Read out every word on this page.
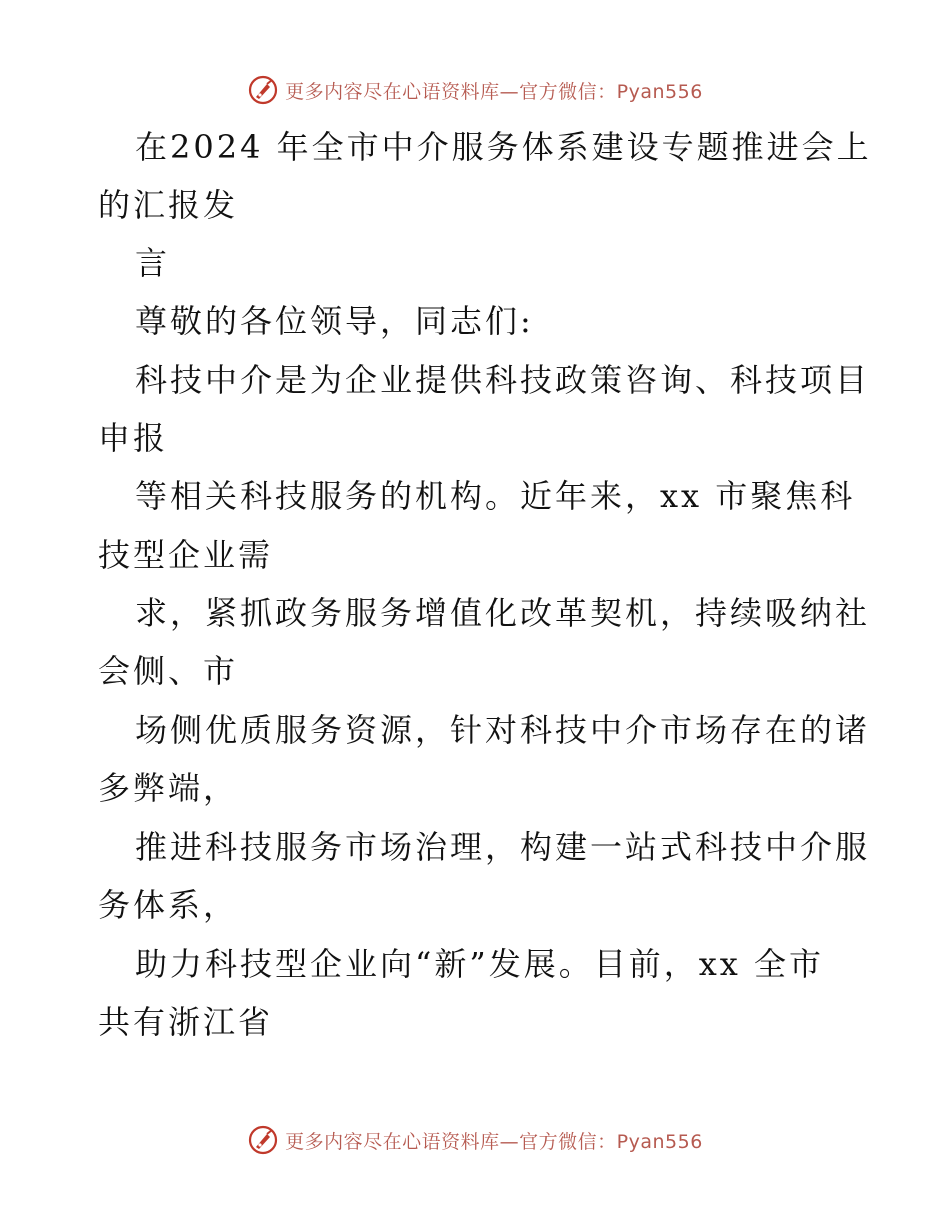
更多内容尽在心语资料库—官方微信：Pyan556
在2024 年全市中介服务体系建设专题推进会上
的汇报发
言
尊敬的各位领导，同志们:
科技中介是为企业提供科技政策咨询、科技项目
申报
等相关科技服务的机构。近年来，xx 市聚焦科
技型企业需
求，紧抓政务服务增值化改革契机，持续吸纳社
会侧、市
场侧优质服务资源，针对科技中介市场存在的诸
多弊端，
推进科技服务市场治理，构建一站式科技中介服
务体系，
助力科技型企业向“新”发展。目前，xx 全市
共有浙江省
更多内容尽在心语资料库—官方微信：Pyan556
